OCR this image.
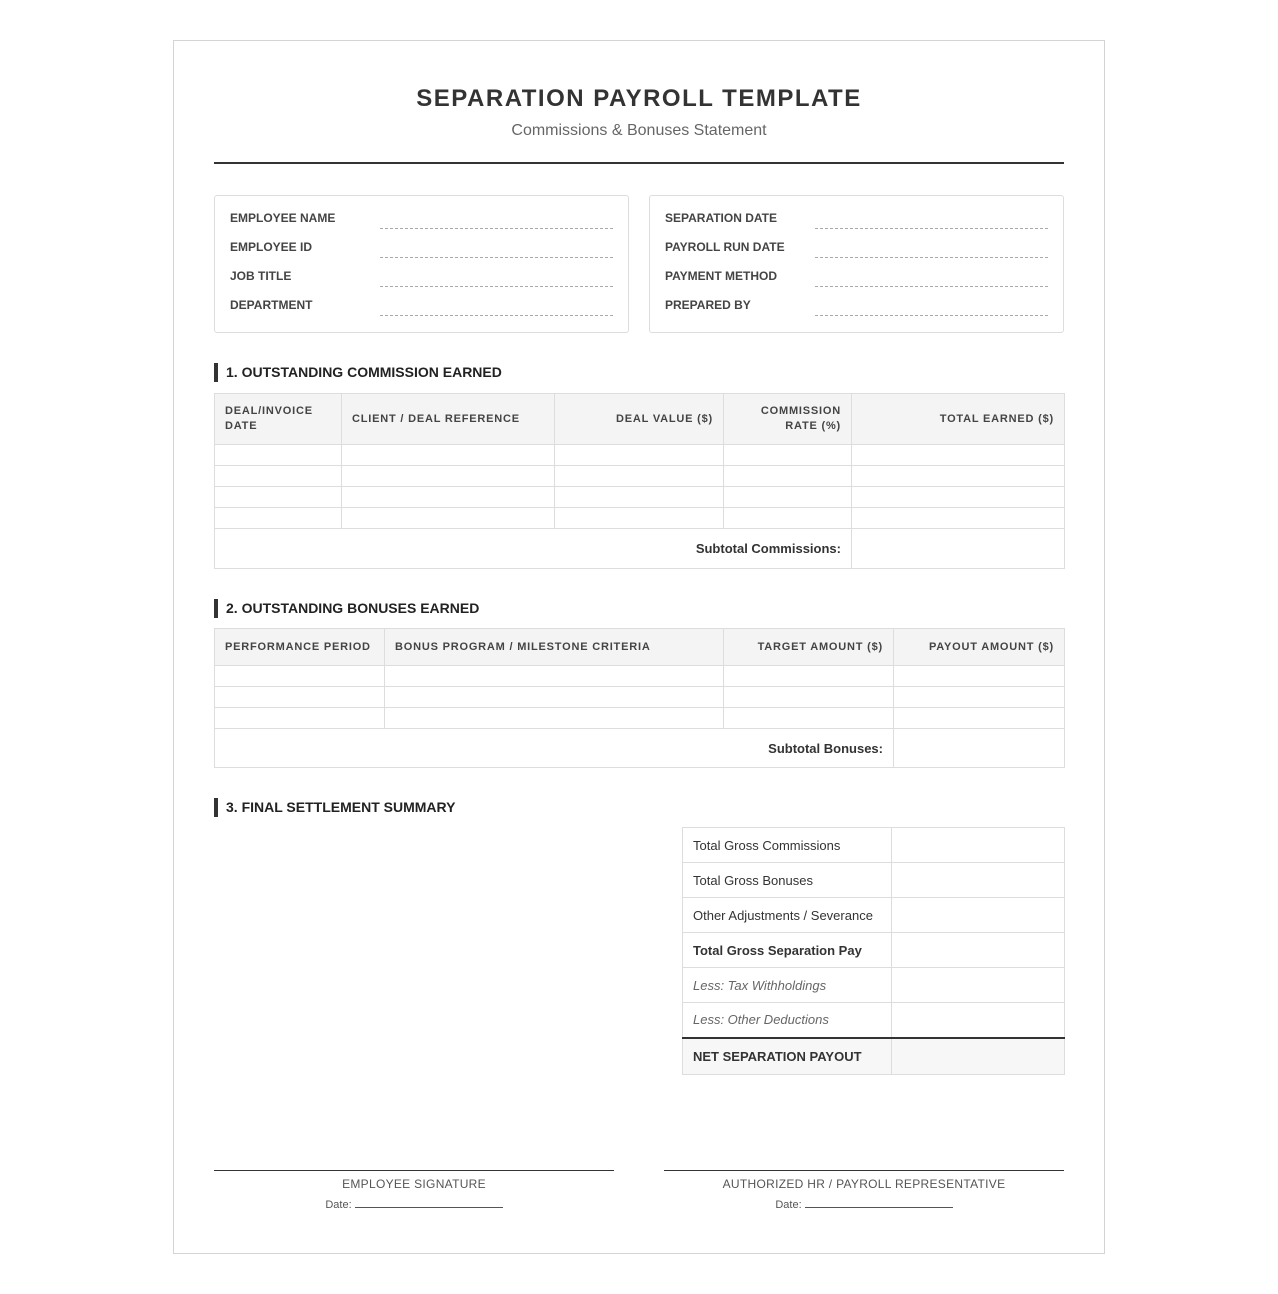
SEPARATION PAYROLL TEMPLATE
Commissions & Bonuses Statement
EMPLOYEE NAME
EMPLOYEE ID
JOB TITLE
DEPARTMENT
SEPARATION DATE
PAYROLL RUN DATE
PAYMENT METHOD
PREPARED BY
1. OUTSTANDING COMMISSION EARNED
DEAL/INVOICE DATE	CLIENT / DEAL REFERENCE	DEAL VALUE ($)	COMMISSION RATE (%)	TOTAL EARNED ($)

Subtotal Commissions:				
2. OUTSTANDING BONUSES EARNED
PERFORMANCE PERIOD	BONUS PROGRAM / MILESTONE CRITERIA	TARGET AMOUNT ($)	PAYOUT AMOUNT ($)

Subtotal Bonuses:			
3. FINAL SETTLEMENT SUMMARY
Total Gross Commissions	
Total Gross Bonuses	
Other Adjustments / Severance	
Total Gross Separation Pay	
Less: Tax Withholdings	
Less: Other Deductions	
NET SEPARATION PAYOUT	
EMPLOYEE SIGNATURE
Date:
AUTHORIZED HR / PAYROLL REPRESENTATIVE
Date:
